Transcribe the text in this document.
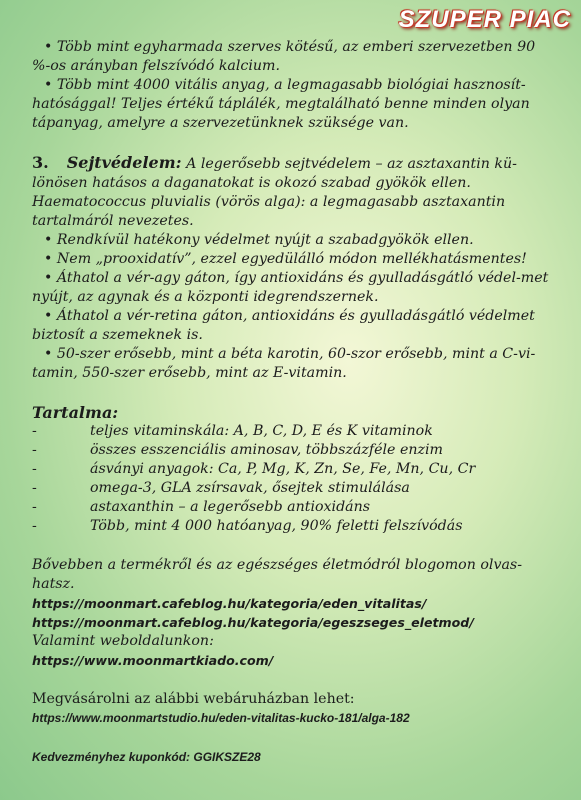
SZUPER PIAC

• Több mint egyharmada szerves kötésű, az emberi szervezetben 90 %-os arányban felszívódó kalcium.

• Több mint 4000 vitális anyag, a legmagasabb biológiai hasznosít-hatósággal! Teljes értékű táplálék, megtalálható benne minden olyan tápanyag, amelyre a szervezetünknek szüksége van.

3. Sejtvédelem: A legerősebb sejtvédelem – az asztaxantin kü-lönösen hatásos a daganatokat is okozó szabad gyökök ellen. Haematococcus pluvialis (vörös alga): a legmagasabb asztaxantin tartalmáról nevezetes.

• Rendkívül hatékony védelmet nyújt a szabadgyökök ellen.

• Nem „prooxidatív”, ezzel egyedülálló módon mellékhatásmentes!

• Áthatol a vér-agy gáton, így antioxidáns és gyulladásgátló védel-met nyújt, az agynak és a központi idegrendszernek.

• Áthatol a vér-retina gáton, antioxidáns és gyulladásgátló védelmet biztosít a szemeknek is.

• 50-szer erősebb, mint a béta karotin, 60-szor erősebb, mint a C-vi-tamin, 550-szer erősebb, mint az E-vitamin.

Tartalma:

-	teljes vitaminskála: A, B, C, D, E és K vitaminok
-	összes esszenciális aminosav, többszázféle enzim
-	ásványi anyagok: Ca, P, Mg, K, Zn, Se, Fe, Mn, Cu, Cr
-	omega-3, GLA zsírsavak, ősejtek stimulálása
-	astaxanthin – a legerősebb antioxidáns
-	Több, mint 4 000 hatóanyag, 90% feletti felszívódás

Bővebben a termékről és az egészséges életmódról blogomon olvas-hatsz.

https://moonmart.cafeblog.hu/kategoria/eden_vitalitas/

https://moonmart.cafeblog.hu/kategoria/egeszseges_eletmod/

Valamint weboldalunkon:

https://www.moonmartkiado.com/

Megvásárolni az alábbi webáruházban lehet:

https://www.moonmartstudio.hu/eden-vitalitas-kucko-181/alga-182

Kedvezményhez kuponkód: GGIKSZE28
